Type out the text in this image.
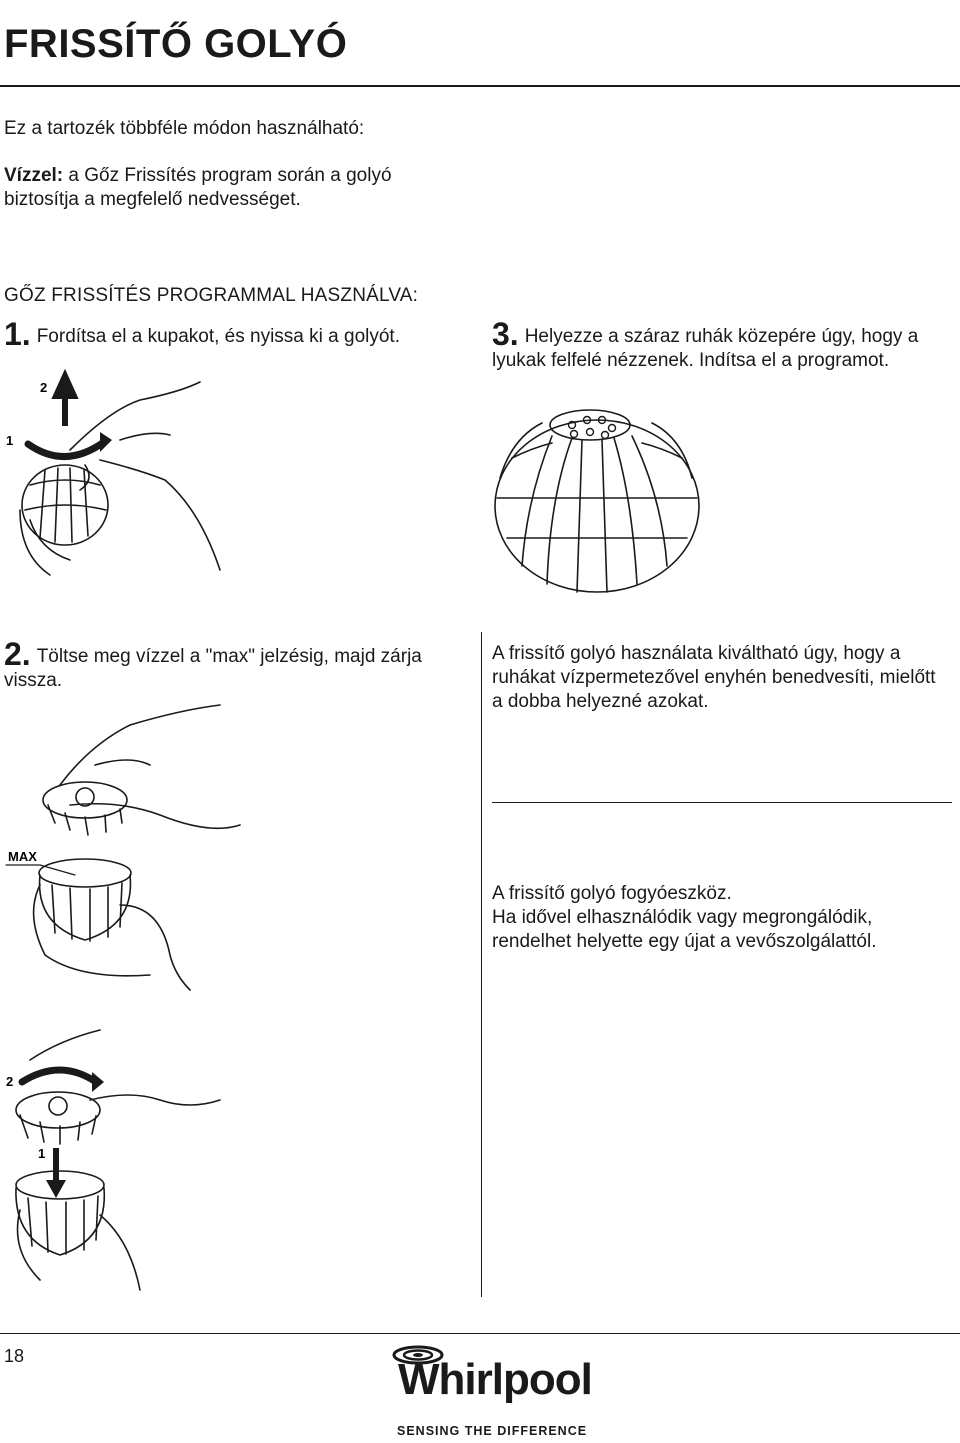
FRISSÍTŐ GOLYÓ

Ez a tartozék többféle módon használható:

Vízzel: a Gőz Frissítés program során a golyó biztosítja a megfelelő nedvességet.

GŐZ FRISSÍTÉS PROGRAMMAL HASZNÁLVA:
1. Fordítsa el a kupakot, és nyissa ki a golyót.	3. Helyezze a száraz ruhák közepére úgy, hogy a lyukak felfelé nézzenek. Indítsa el a programot.
2
1
2. Töltse meg vízzel a "max" jelzésig, majd zárja vissza.

A frissítő golyó használata kiváltható úgy, hogy a ruhákat vízpermetezővel enyhén benedvesíti, mielőtt a dobba helyezné azokat.

A frissítő golyó fogyóeszköz.

Ha idővel elhasználódik vagy megrongálódik, rendelhet helyette egy újat a vevőszolgálattól.

MAX
2
1
18	Whirlpool
SENSING THE DIFFERENCE
